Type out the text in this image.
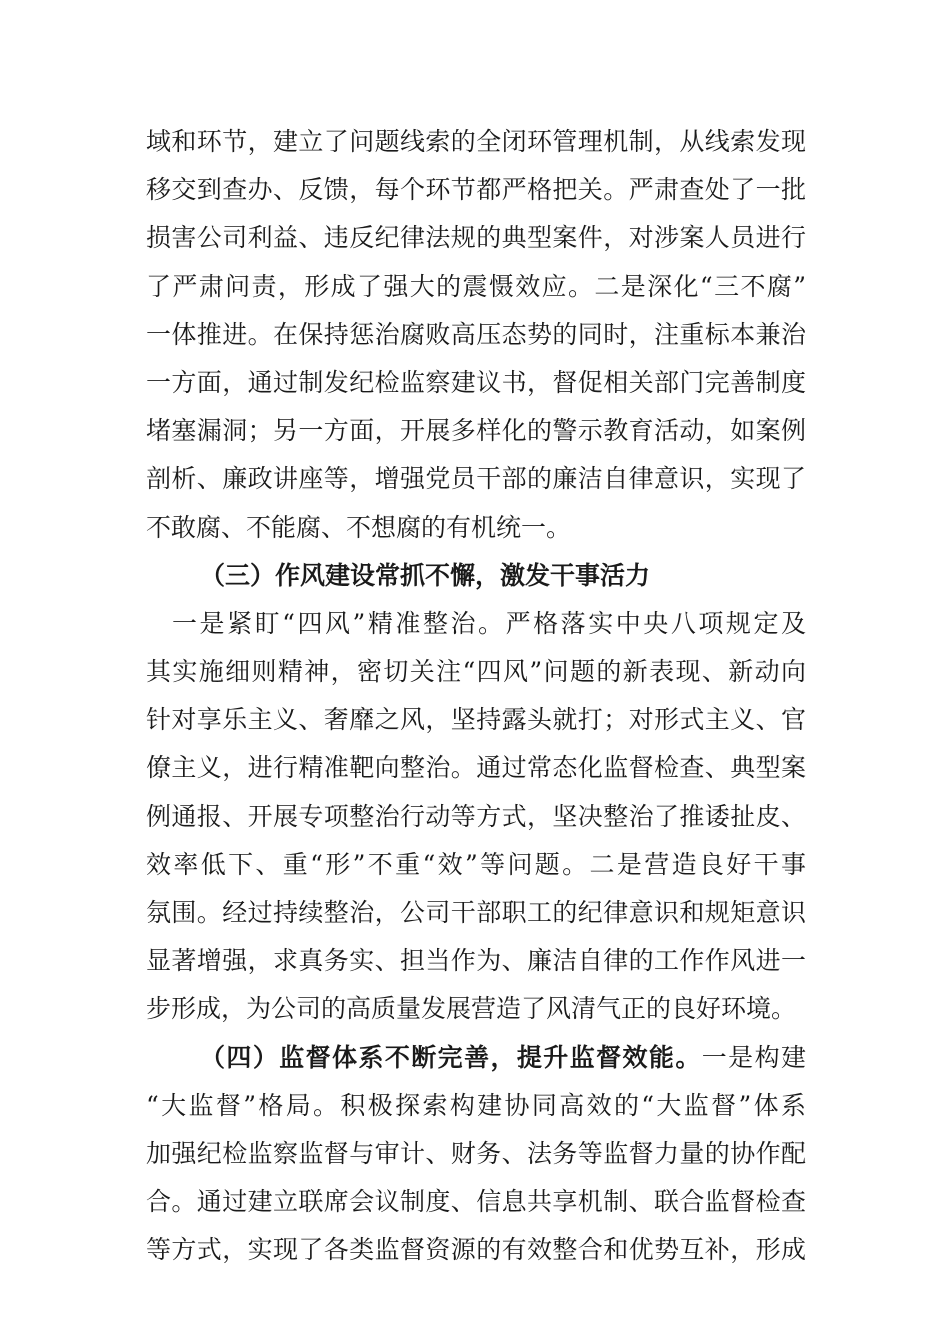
域和环节，建立了问题线索的全闭环管理机制，从线索发现
移交到查办、反馈，每个环节都严格把关。严肃查处了一批
损害公司利益、违反纪律法规的典型案件，对涉案人员进行
了严肃问责，形成了强大的震慑效应。二是深化“三不腐”
一体推进。在保持惩治腐败高压态势的同时，注重标本兼治
一方面，通过制发纪检监察建议书，督促相关部门完善制度
堵塞漏洞；另一方面，开展多样化的警示教育活动，如案例
剖析、廉政讲座等，增强党员干部的廉洁自律意识，实现了
不敢腐、不能腐、不想腐的有机统一。
（三）作风建设常抓不懈，激发干事活力
一是紧盯“四风”精准整治。严格落实中央八项规定及
其实施细则精神，密切关注“四风”问题的新表现、新动向
针对享乐主义、奢靡之风，坚持露头就打；对形式主义、官
僚主义，进行精准靶向整治。通过常态化监督检查、典型案
例通报、开展专项整治行动等方式，坚决整治了推诿扯皮、
效率低下、重“形”不重“效”等问题。二是营造良好干事
氛围。经过持续整治，公司干部职工的纪律意识和规矩意识
显著增强，求真务实、担当作为、廉洁自律的工作作风进一
步形成，为公司的高质量发展营造了风清气正的良好环境。
（四）监督体系不断完善，提升监督效能。一是构建
“大监督”格局。积极探索构建协同高效的“大监督”体系
加强纪检监察监督与审计、财务、法务等监督力量的协作配
合。通过建立联席会议制度、信息共享机制、联合监督检查
等方式，实现了各类监督资源的有效整合和优势互补，形成
